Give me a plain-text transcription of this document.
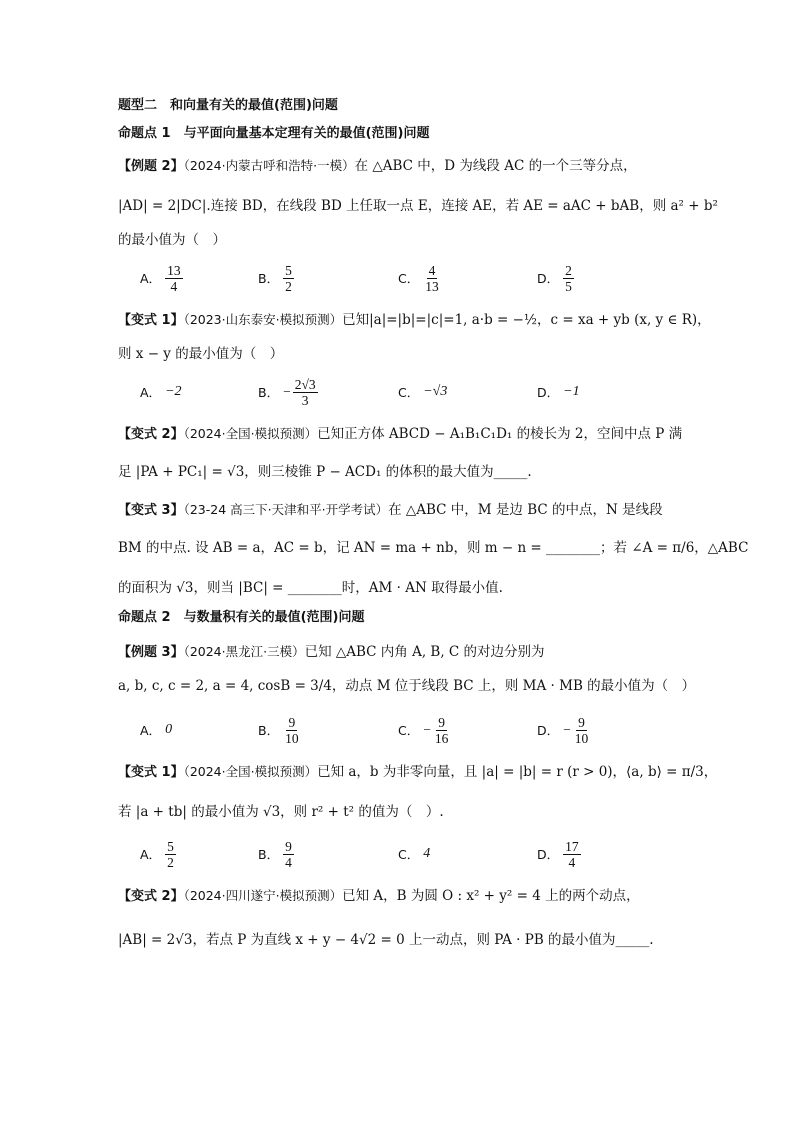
题型二　和向量有关的最值(范围)问题
命题点 1　与平面向量基本定理有关的最值(范围)问题
【例题 2】（2024·内蒙古呼和浩特·一模）在 △ABC 中，D 为线段 AC 的一个三等分点，
|AD| = 2|DC|.连接 BD，在线段 BD 上任取一点 E，连接 AE，若 AE = aAC + bAB，则 a² + b²
的最小值为（　）
A． $\frac{13}{4}$	B． $\frac{5}{2}$	C． $\frac{4}{13}$	D． $\frac{2}{5}$
【变式 1】（2023·山东泰安·模拟预测）已知|a|=|b|=|c|=1, a·b = −½，c = xa + yb (x, y ∈ R)，
则 x − y 的最小值为（　）
A． −2	B． − $\frac{2√3}{3}$	C． −√3	D． −1
【变式 2】（2024·全国·模拟预测）已知正方体 ABCD − A₁B₁C₁D₁ 的棱长为 2，空间中点 P 满
足 |PA + PC₁| = √3，则三棱锥 P − ACD₁ 的体积的最大值为_____.
【变式 3】（23-24 高三下·天津和平·开学考试）在 △ABC 中，M 是边 BC 的中点，N 是线段
BM 的中点. 设 AB = a，AC = b，记 AN = ma + nb，则 m − n = ________；若 ∠A = π/6，△ABC
的面积为 √3，则当 |BC| = ________时，AM · AN 取得最小值.
命题点 2　与数量积有关的最值(范围)问题
【例题 3】（2024·黑龙江·三模）已知 △ABC 内角 A, B, C 的对边分别为
a, b, c, c = 2, a = 4, cosB = 3/4，动点 M 位于线段 BC 上，则 MA · MB 的最小值为（　）
A． 0	B． $\frac{9}{10}$	C． − $\frac{9}{16}$	D． − $\frac{9}{10}$
【变式 1】（2024·全国·模拟预测）已知 a，b 为非零向量，且 |a| = |b| = r (r > 0)，⟨a, b⟩ = π/3，
若 |a + tb| 的最小值为 √3，则 r² + t² 的值为（　）.
A． $\frac{5}{2}$	B． $\frac{9}{4}$	C． 4	D． $\frac{17}{4}$
【变式 2】（2024·四川遂宁·模拟预测）已知 A，B 为圆 O : x² + y² = 4 上的两个动点，
|AB| = 2√3，若点 P 为直线 x + y − 4√2 = 0 上一动点，则 PA · PB 的最小值为_____.
